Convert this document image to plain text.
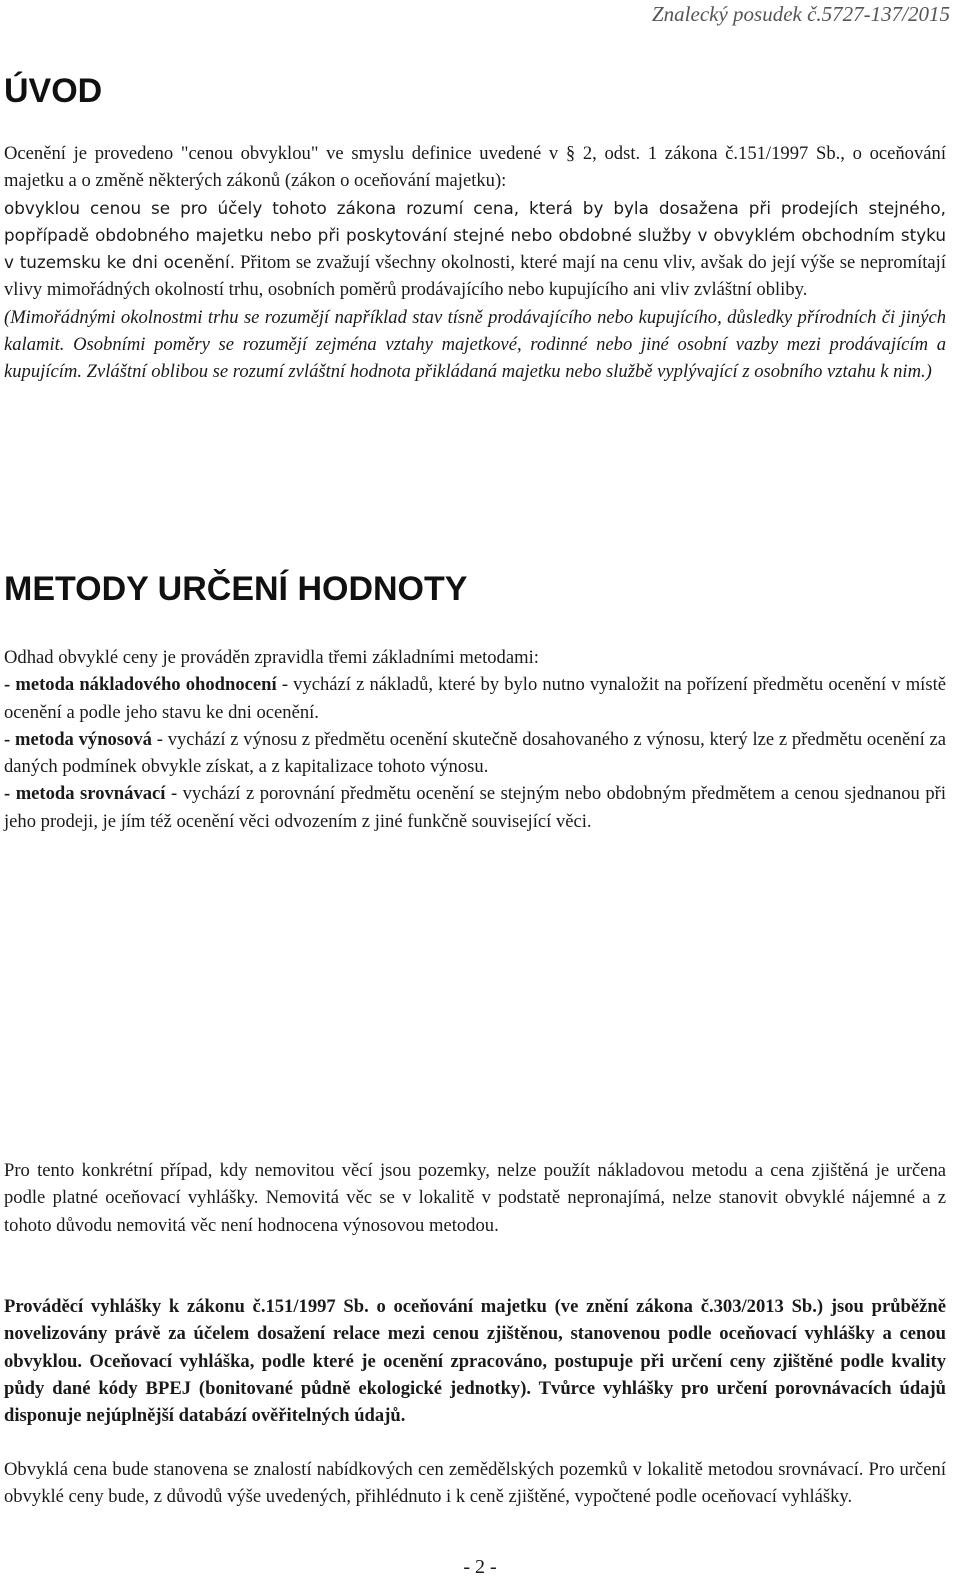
Znalecký posudek č.5727-137/2015
ÚVOD

Ocenění je provedeno "cenou obvyklou" ve smyslu definice uvedené v § 2, odst. 1 zákona č.151/1997 Sb., o oceňování majetku a o změně některých zákonů (zákon o oceňování majetku):

obvyklou cenou se pro účely tohoto zákona rozumí cena, která by byla dosažena při prodejích stejného, popřípadě obdobného majetku nebo při poskytování stejné nebo obdobné služby v obvyklém obchodním styku v tuzemsku ke dni ocenění. Přitom se zvažují všechny okolnosti, které mají na cenu vliv, avšak do její výše se nepromítají vlivy mimořádných okolností trhu, osobních poměrů prodávajícího nebo kupujícího ani vliv zvláštní obliby.

(Mimořádnými okolnostmi trhu se rozumějí například stav tísně prodávajícího nebo kupujícího, důsledky přírodních či jiných kalamit. Osobními poměry se rozumějí zejména vztahy majetkové, rodinné nebo jiné osobní vazby mezi prodávajícím a kupujícím. Zvláštní oblibou se rozumí zvláštní hodnota přikládaná majetku nebo službě vyplývající z osobního vztahu k nim.)

METODY URČENÍ HODNOTY

Odhad obvyklé ceny je prováděn zpravidla třemi základními metodami:

- metoda nákladového ohodnocení - vychází z nákladů, které by bylo nutno vynaložit na pořízení předmětu ocenění v místě ocenění a podle jeho stavu ke dni ocenění.

- metoda výnosová - vychází z výnosu z předmětu ocenění skutečně dosahovaného z výnosu, který lze z předmětu ocenění za daných podmínek obvykle získat, a z kapitalizace tohoto výnosu.

- metoda srovnávací - vychází z porovnání předmětu ocenění se stejným nebo obdobným předmětem a cenou sjednanou při jeho prodeji, je jím též ocenění věci odvozením z jiné funkčně související věci.

Pro tento konkrétní případ, kdy nemovitou věcí jsou pozemky, nelze použít nákladovou metodu a cena zjištěná je určena podle platné oceňovací vyhlášky. Nemovitá věc se v lokalitě v podstatě nepronajímá, nelze stanovit obvyklé nájemné a z tohoto důvodu nemovitá věc není hodnocena výnosovou metodou.
Prováděcí vyhlášky k zákonu č.151/1997 Sb. o oceňování majetku (ve znění zákona č.303/2013 Sb.) jsou průběžně novelizovány právě za účelem dosažení relace mezi cenou zjištěnou, stanovenou podle oceňovací vyhlášky a cenou obvyklou. Oceňovací vyhláška, podle které je ocenění zpracováno, postupuje při určení ceny zjištěné podle kvality půdy dané kódy BPEJ (bonitované půdně ekologické jednotky). Tvůrce vyhlášky pro určení porovnávacích údajů disponuje nejúplnější databází ověřitelných údajů.
Obvyklá cena bude stanovena se znalostí nabídkových cen zemědělských pozemků v lokalitě metodou srovnávací. Pro určení obvyklé ceny bude, z důvodů výše uvedených, přihlédnuto i k ceně zjištěné, vypočtené podle oceňovací vyhlášky.
- 2 -
